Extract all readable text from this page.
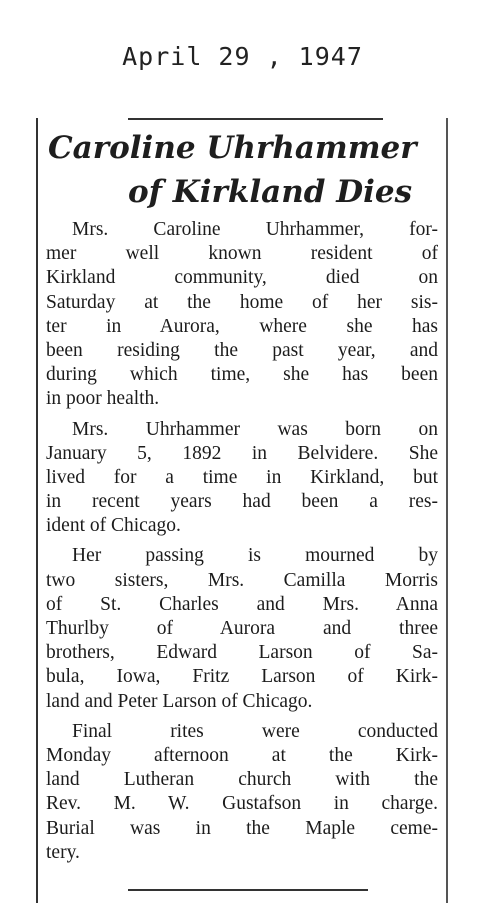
April 29 , 1947
Caroline Uhrhammer
of Kirkland Dies
Mrs. Caroline Uhrhammer, for-
mer well known resident of
Kirkland community, died on
Saturday at the home of her sis-
ter in Aurora, where she has
been residing the past year, and
during which time, she has been
in poor health.
Mrs. Uhrhammer was born on
January 5, 1892 in Belvidere. She
lived for a time in Kirkland, but
in recent years had been a res-
ident of Chicago.
Her passing is mourned by
two sisters, Mrs. Camilla Morris
of St. Charles and Mrs. Anna
Thurlby of Aurora and three
brothers, Edward Larson of Sa-
bula, Iowa, Fritz Larson of Kirk-
land and Peter Larson of Chicago.
Final rites were conducted
Monday afternoon at the Kirk-
land Lutheran church with the
Rev. M. W. Gustafson in charge.
Burial was in the Maple ceme-
tery.
